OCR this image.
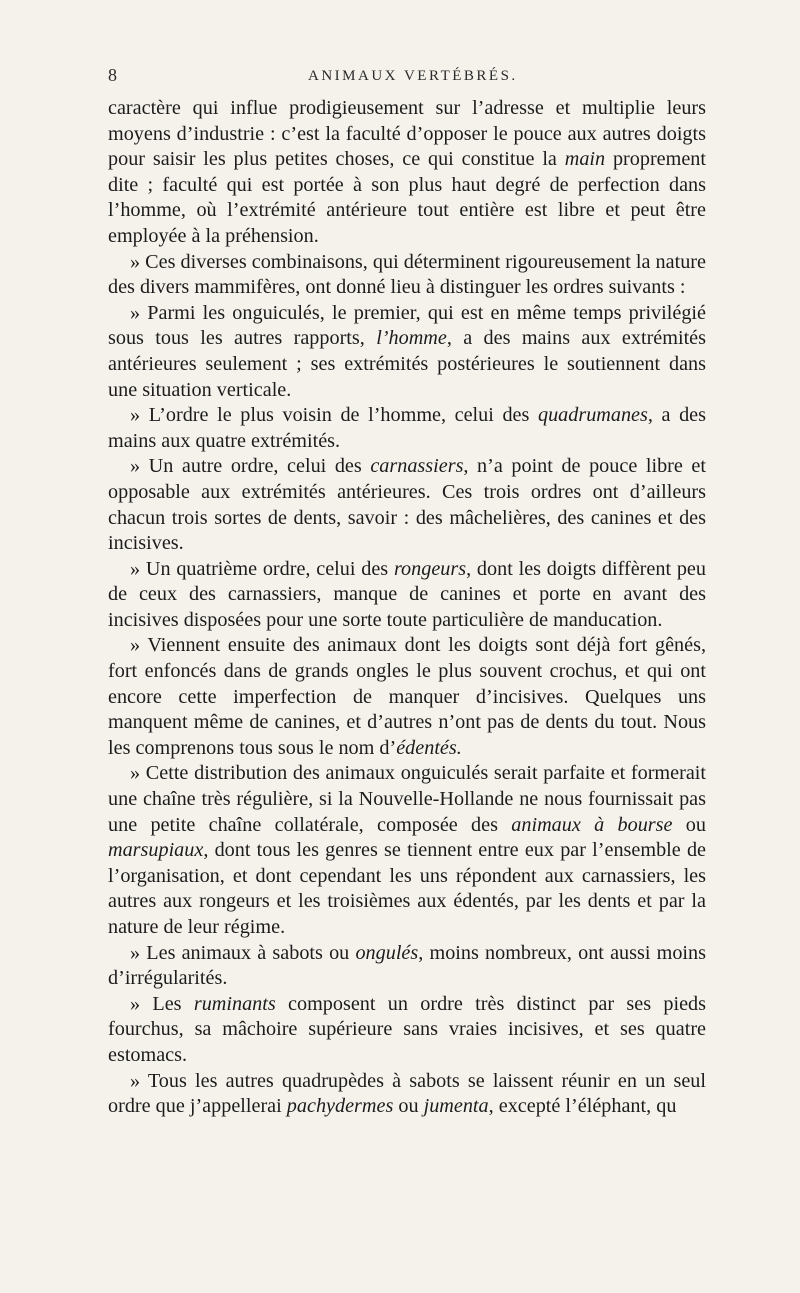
8	ANIMAUX VERTÉBRÉS.

caractère qui influe prodigieusement sur l’adresse et multiplie leurs moyens d’industrie : c’est la faculté d’opposer le pouce aux autres doigts pour saisir les plus petites choses, ce qui constitue la main proprement dite ; faculté qui est portée à son plus haut degré de perfection dans l’homme, où l’extrémité antérieure tout entière est libre et peut être employée à la préhension.

» Ces diverses combinaisons, qui déterminent rigoureusement la nature des divers mammifères, ont donné lieu à distinguer les ordres suivants :

» Parmi les onguiculés, le premier, qui est en même temps privilégié sous tous les autres rapports, l’homme, a des mains aux extrémités antérieures seulement ; ses extrémités postérieures le soutiennent dans une situation verticale.

» L’ordre le plus voisin de l’homme, celui des quadrumanes, a des mains aux quatre extrémités.

» Un autre ordre, celui des carnassiers, n’a point de pouce libre et opposable aux extrémités antérieures. Ces trois ordres ont d’ailleurs chacun trois sortes de dents, savoir : des mâchelières, des canines et des incisives.

» Un quatrième ordre, celui des rongeurs, dont les doigts diffèrent peu de ceux des carnassiers, manque de canines et porte en avant des incisives disposées pour une sorte toute particulière de manducation.

» Viennent ensuite des animaux dont les doigts sont déjà fort gênés, fort enfoncés dans de grands ongles le plus souvent crochus, et qui ont encore cette imperfection de manquer d’incisives. Quelques uns manquent même de canines, et d’autres n’ont pas de dents du tout. Nous les comprenons tous sous le nom d’édentés.

» Cette distribution des animaux onguiculés serait parfaite et formerait une chaîne très régulière, si la Nouvelle-Hollande ne nous fournissait pas une petite chaîne collatérale, composée des animaux à bourse ou marsupiaux, dont tous les genres se tiennent entre eux par l’ensemble de l’organisation, et dont cependant les uns répondent aux carnassiers, les autres aux rongeurs et les troisièmes aux édentés, par les dents et par la nature de leur régime.

» Les animaux à sabots ou ongulés, moins nombreux, ont aussi moins d’irrégularités.

» Les ruminants composent un ordre très distinct par ses pieds fourchus, sa mâchoire supérieure sans vraies incisives, et ses quatre estomacs.

» Tous les autres quadrupèdes à sabots se laissent réunir en un seul ordre que j’appellerai pachydermes ou jumenta, excepté l’éléphant, qu
